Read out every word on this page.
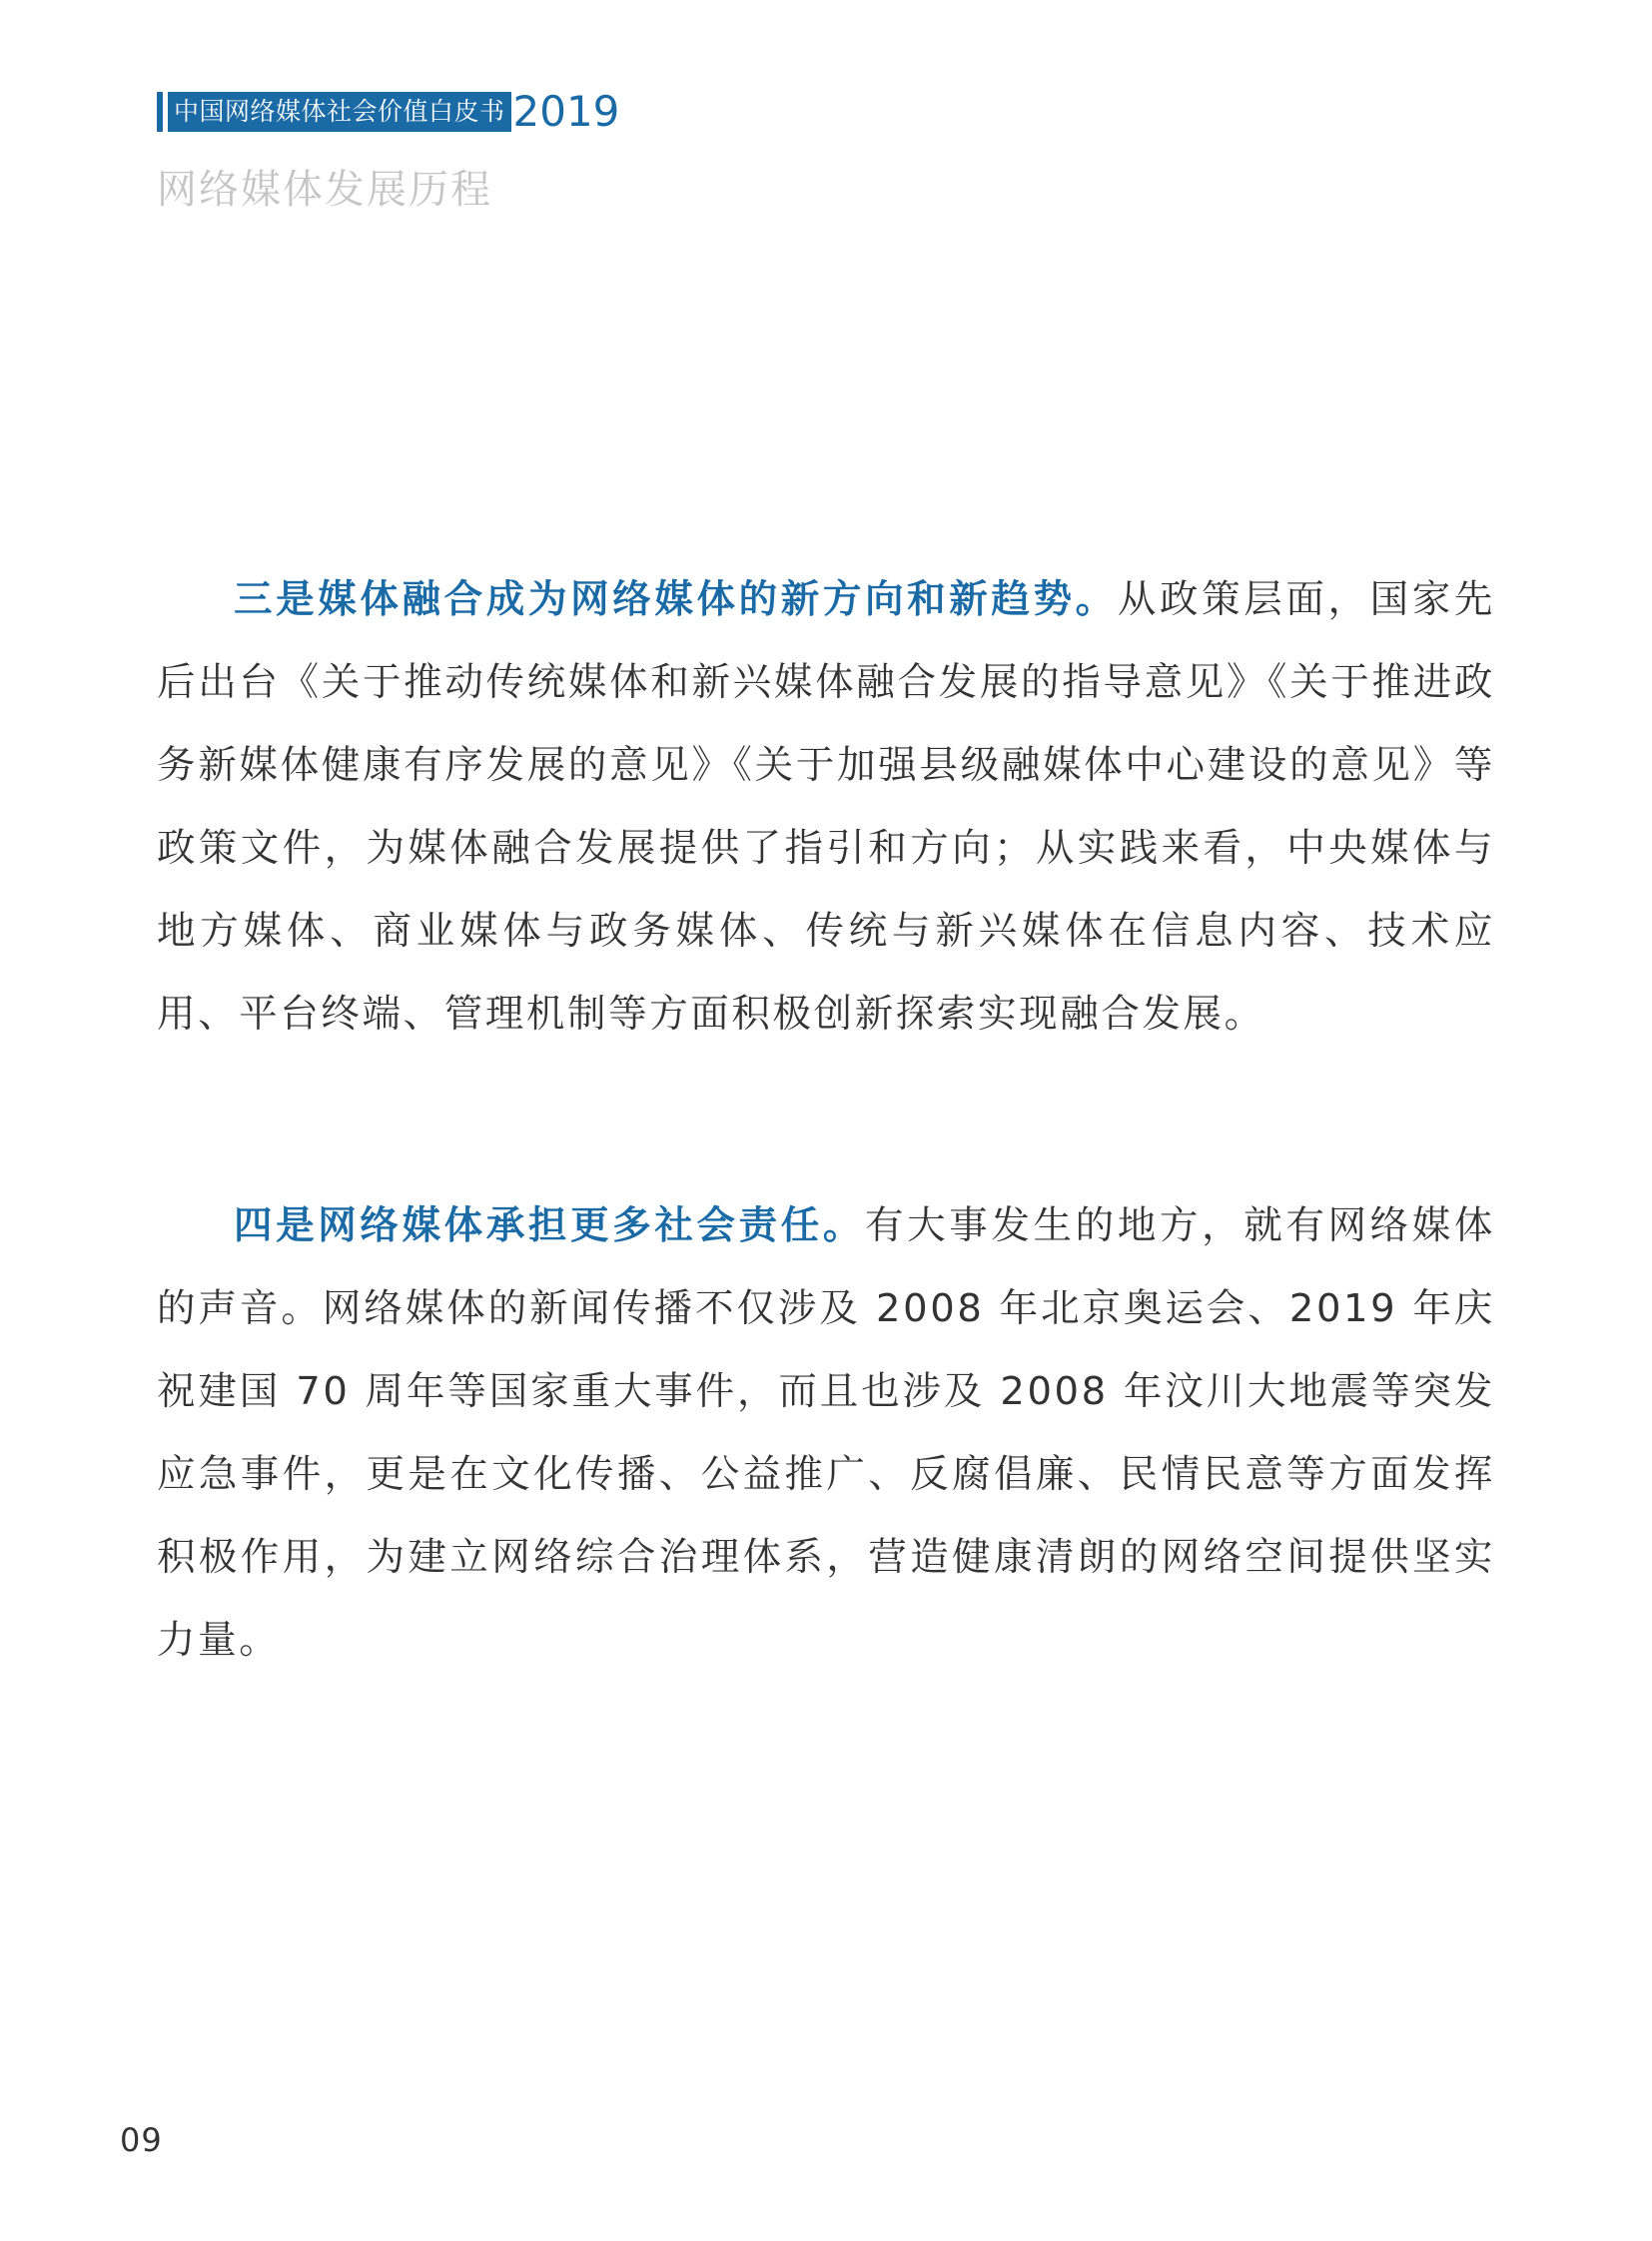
中国网络媒体社会价值白皮书 2019
网络媒体发展历程

三是媒体融合成为网络媒体的新方向和新趋势。从政策层面，国家先后出台《关于推动传统媒体和新兴媒体融合发展的指导意见》《关于推进政务新媒体健康有序发展的意见》《关于加强县级融媒体中心建设的意见》等政策文件，为媒体融合发展提供了指引和方向；从实践来看，中央媒体与地方媒体、商业媒体与政务媒体、传统与新兴媒体在信息内容、技术应用、平台终端、管理机制等方面积极创新探索实现融合发展。

四是网络媒体承担更多社会责任。有大事发生的地方，就有网络媒体的声音。网络媒体的新闻传播不仅涉及 2008 年北京奥运会、2019 年庆祝建国 70 周年等国家重大事件，而且也涉及 2008 年汶川大地震等突发应急事件，更是在文化传播、公益推广、反腐倡廉、民情民意等方面发挥积极作用，为建立网络综合治理体系，营造健康清朗的网络空间提供坚实力量。

09
